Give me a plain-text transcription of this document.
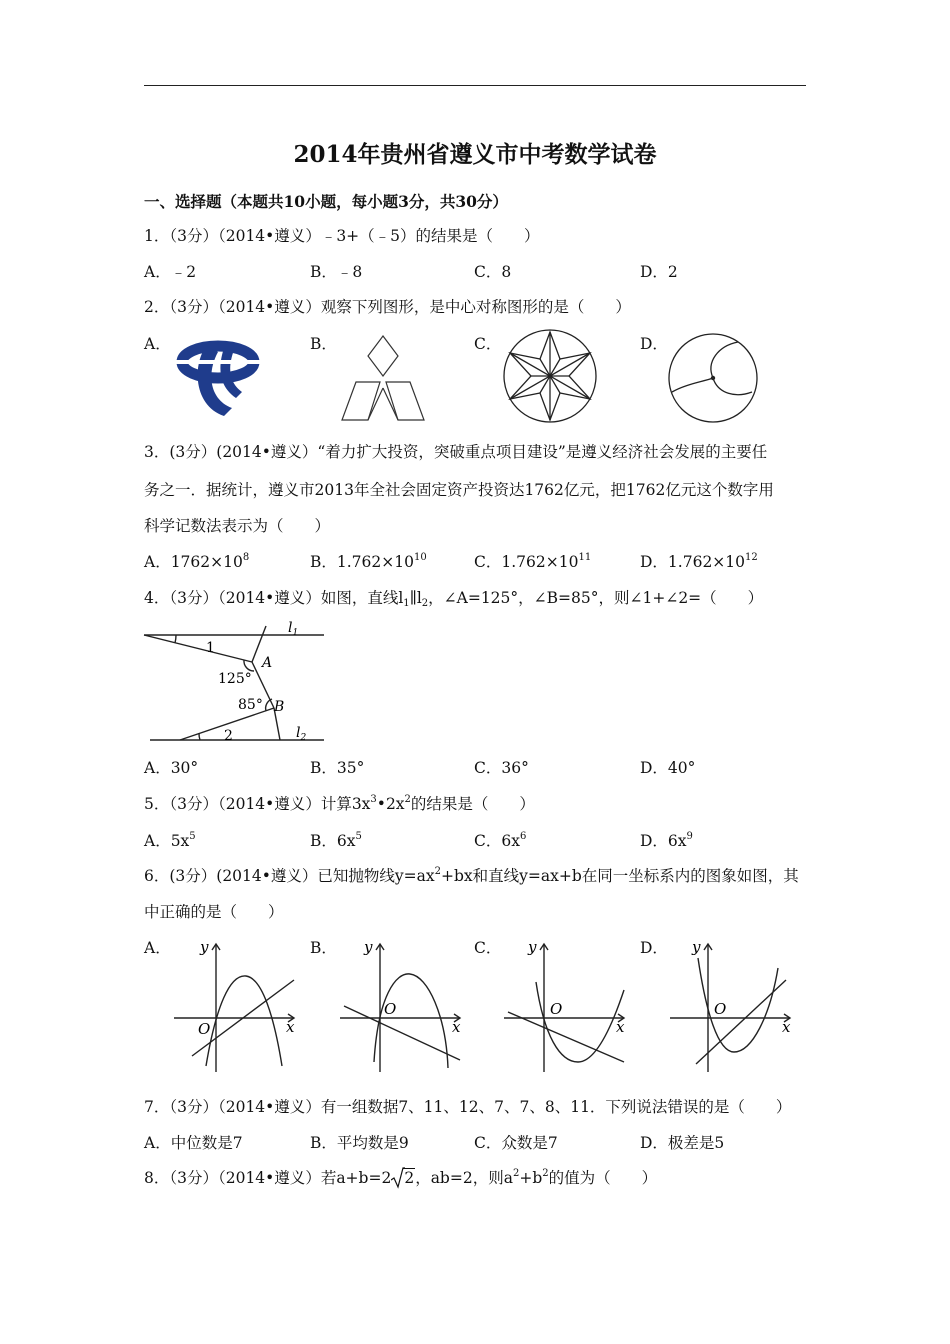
2014年贵州省遵义市中考数学试卷
一、选择题（本题共10小题，每小题3分，共30分）
1．（3分）（2014•遵义）﹣3+（﹣5）的结果是（　　）
A．﹣2	B．﹣8	C．8	D．2
2．（3分）（2014•遵义）观察下列图形，是中心对称图形的是（　　）
A．	B．	C．	D．
3．(3分）(2014•遵义）“着力扩大投资，突破重点项目建设”是遵义经济社会发展的主要任
务之一．据统计，遵义市2013年全社会固定资产投资达1762亿元，把1762亿元这个数字用
科学记数法表示为（　　）
A．$1762\times 10^8$	B．$1.762\times 10^{10}$	C．$1.762\times 10^{11}$	D．$1.762\times 10^{12}$
4．（3分）（2014•遵义）如图，直线$l_1\parallel l_2$，∠A=125°，∠B=85°，则∠1+∠2=（　　）
$l_1$
$l_2$
1
2
A
B
125°
85°
A．30°	B．35°	C．36°	D．40°
5．（3分）（2014•遵义）计算$3x^3•2x^2$的结果是（　　）
A．$5x^5$	B．$6x^5$	C．$6x^6$	D．$6x^9$
6．(3分）(2014•遵义）已知抛物线$y=ax^2+bx$和直线y=ax+b在同一坐标系内的图象如图，其
中正确的是（　　）
A．	B．	C．	D．
y
x
O
y
x
O
y
x
O
y
x
O
7．（3分）（2014•遵义）有一组数据7、11、12、7、7、8、11．下列说法错误的是（　　）
A．中位数是7	B．平均数是9	C．众数是7	D．极差是5
8．（3分）（2014•遵义）若a+b=2 2，ab=2，则$a^2+b^2$的值为（　　）
